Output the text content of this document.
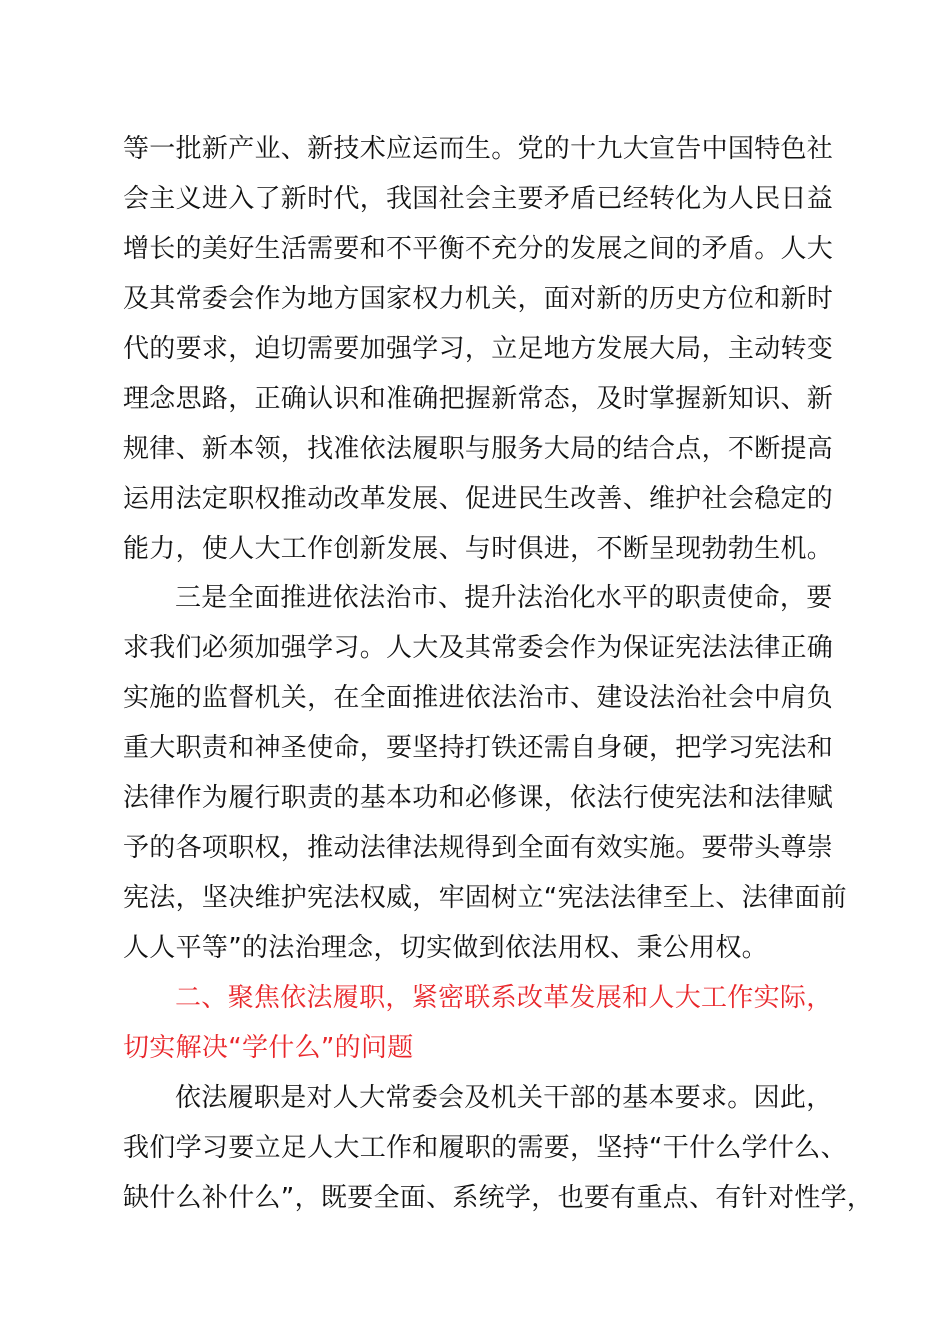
等一批新产业、新技术应运而生。党的十九大宣告中国特色社
会主义进入了新时代，我国社会主要矛盾已经转化为人民日益
增长的美好生活需要和不平衡不充分的发展之间的矛盾。人大
及其常委会作为地方国家权力机关，面对新的历史方位和新时
代的要求，迫切需要加强学习，立足地方发展大局，主动转变
理念思路，正确认识和准确把握新常态，及时掌握新知识、新
规律、新本领，找准依法履职与服务大局的结合点，不断提高
运用法定职权推动改革发展、促进民生改善、维护社会稳定的
能力，使人大工作创新发展、与时俱进，不断呈现勃勃生机。
三是全面推进依法治市、提升法治化水平的职责使命，要
求我们必须加强学习。人大及其常委会作为保证宪法法律正确
实施的监督机关，在全面推进依法治市、建设法治社会中肩负
重大职责和神圣使命，要坚持打铁还需自身硬，把学习宪法和
法律作为履行职责的基本功和必修课，依法行使宪法和法律赋
予的各项职权，推动法律法规得到全面有效实施。要带头尊崇
宪法，坚决维护宪法权威，牢固树立“宪法法律至上、法律面前
人人平等”的法治理念，切实做到依法用权、秉公用权。
二、聚焦依法履职，紧密联系改革发展和人大工作实际，
切实解决“学什么”的问题
依法履职是对人大常委会及机关干部的基本要求。因此，
我们学习要立足人大工作和履职的需要，坚持“干什么学什么、
缺什么补什么”，既要全面、系统学，也要有重点、有针对性学，
